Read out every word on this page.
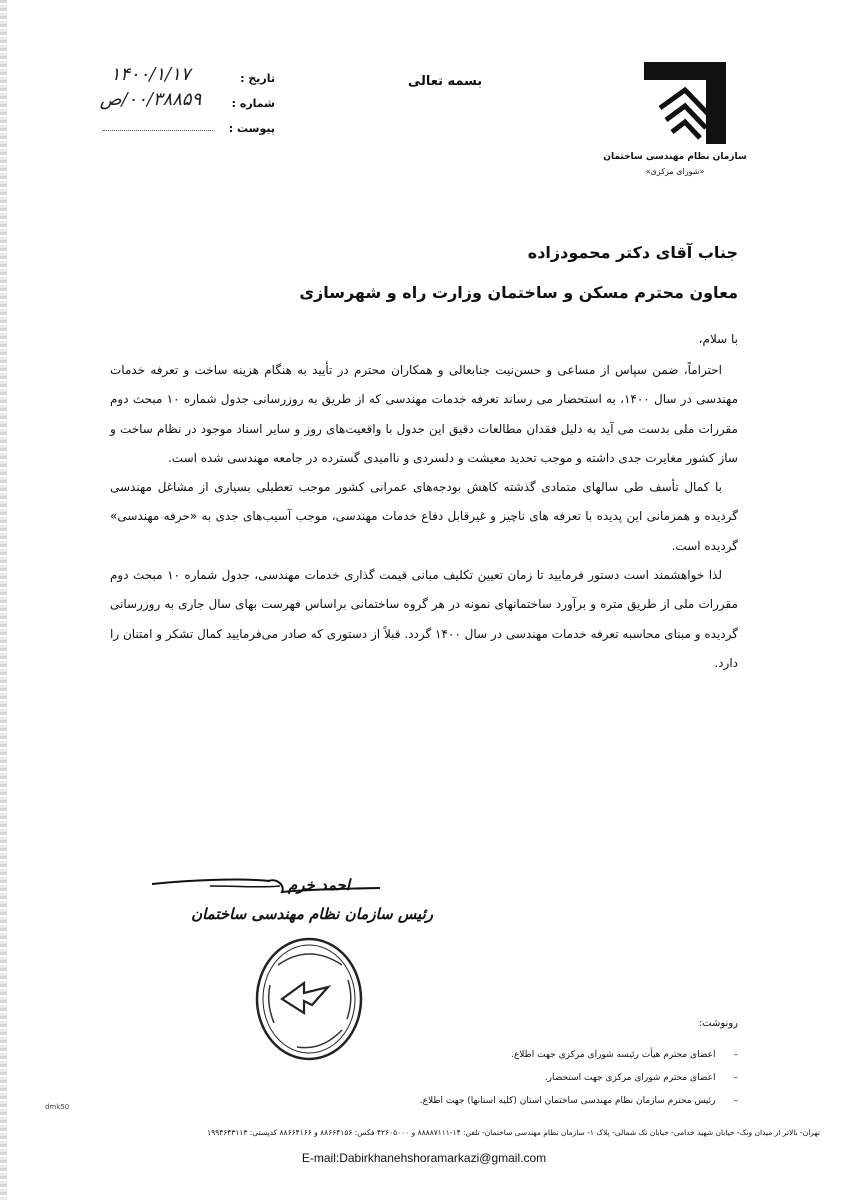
سازمان نظام مهندسی ساختمان
«شورای مرکزی»
بسمه تعالی
تاریخ :
۱۴۰۰/۱/۱۷
شماره :
۰۰/۳۸۸۵۹/ص
پیوست :
جناب آقای دکتر محمودزاده
معاون محترم مسکن و ساختمان وزارت راه و شهرسازی
با سلام،

احتراماً، ضمن سپاس از مساعی و حسن‌نیت جنابعالی و همکاران محترم در تأیید به هنگام هزینه ساخت و تعرفه خدمات مهندسی در سال ۱۴۰۰، به استحضار می رساند تعرفه خدمات مهندسی که از طریق به روزرسانی جدول شماره ۱۰ مبحث دوم مقررات ملی بدست می آید به دلیل فقدان مطالعات دقیق این جدول با واقعیت‌های روز و سایر اسناد موجود در نظام ساخت و ساز کشور مغایرت جدی داشته و موجب تحدید معیشت و دلسردی و ناامیدی گسترده در جامعه مهندسی شده است.

با کمال تأسف طی سالهای متمادی گذشته کاهش بودجه‌های عمرانی کشور موجب تعطیلی بسیاری از مشاغل مهندسی گردیده و همزمانی این پدیده با تعرفه های ناچیز و غیرقابل دفاع خدمات مهندسی، موجب آسیب‌های جدی به «حرفه مهندسی» گردیده است.

لذا خواهشمند است دستور فرمایید تا زمان تعیین تکلیف مبانی قیمت گذاری خدمات مهندسی، جدول شماره ۱۰ مبحث دوم مقررات ملی از طریق متره و برآورد ساختمانهای نمونه در هر گروه ساختمانی براساس فهرست بهای سال جاری به روزرسانی گردیده و مبنای محاسبه تعرفه خدمات مهندسی در سال ۱۴۰۰ گردد. قبلاً از دستوری که صادر می‌فرمایید کمال تشکر و امتنان را دارد.

احمد خرم
رئیس سازمان نظام مهندسی ساختمان
رونوشت:
– اعضای محترم هیأت رئیسه شورای مرکزی جهت اطلاع.
– اعضای محترم شورای مرکزی جهت استحضار.
– رئیس محترم سازمان نظام مهندسی ساختمان استان (کلیه استانها) جهت اطلاع.
dmk50
تهران- بالاتر از میدان ونک- خیابان شهید خدامی- خیابان تک شمالی- پلاک ۱- سازمان نظام مهندسی ساختمان- تلفن: ۱۴-۸۸۸۸۷۱۱۱ و ۴۲۶۰۵۰۰۰ فکس: ۸۸۶۶۴۱۵۶ و ۸۸۶۶۴۱۶۶ کدپستی: ۱۹۹۴۶۴۳۱۱۳
E-mail:Dabirkhanehshoramarkazi@gmail.com
